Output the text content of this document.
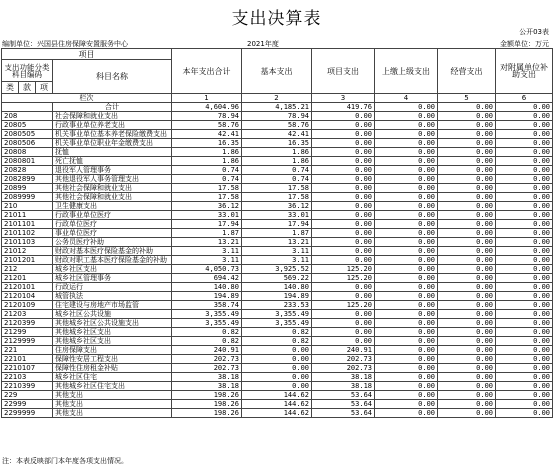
支出决算表
公开03表
编制单位：兴国县住房保障安置服务中心	2021年度	金额单位：万元
项目				本年支出合计	基本支出	项目支出	上缴上级支出	经营支出	对附属单位补助支出
支出功能分类科目编码			科目名称						
类	款	项							
栏次				1	2	3	4	5	6
			合计	4,604.96	4,185.21	419.76	0.00	0.00	0.00
208			社会保障和就业支出	78.94	78.94	0.00	0.00	0.00	0.00
20805			行政事业单位养老支出	58.76	58.76	0.00	0.00	0.00	0.00
2080505			机关事业单位基本养老保险缴费支出	42.41	42.41	0.00	0.00	0.00	0.00
2080506			机关事业单位职业年金缴费支出	16.35	16.35	0.00	0.00	0.00	0.00
20808			抚恤	1.86	1.86	0.00	0.00	0.00	0.00
2080801			死亡抚恤	1.86	1.86	0.00	0.00	0.00	0.00
20828			退役军人管理事务	0.74	0.74	0.00	0.00	0.00	0.00
2082899			其他退役军人事务管理支出	0.74	0.74	0.00	0.00	0.00	0.00
20899			其他社会保障和就业支出	17.58	17.58	0.00	0.00	0.00	0.00
2089999			其他社会保障和就业支出	17.58	17.58	0.00	0.00	0.00	0.00
210			卫生健康支出	36.12	36.12	0.00	0.00	0.00	0.00
21011			行政事业单位医疗	33.01	33.01	0.00	0.00	0.00	0.00
2101101			行政单位医疗	17.94	17.94	0.00	0.00	0.00	0.00
2101102			事业单位医疗	1.87	1.87	0.00	0.00	0.00	0.00
2101103			公务员医疗补助	13.21	13.21	0.00	0.00	0.00	0.00
21012			财政对基本医疗保险基金的补助	3.11	3.11	0.00	0.00	0.00	0.00
2101201			财政对职工基本医疗保险基金的补助	3.11	3.11	0.00	0.00	0.00	0.00
212			城乡社区支出	4,050.73	3,925.52	125.20	0.00	0.00	0.00
21201			城乡社区管理事务	694.42	569.22	125.20	0.00	0.00	0.00
2120101			行政运行	140.80	140.80	0.00	0.00	0.00	0.00
2120104			城管执法	194.89	194.89	0.00	0.00	0.00	0.00
2120109			住宅建设与房地产市场监管	358.74	233.53	125.20	0.00	0.00	0.00
21203			城乡社区公共设施	3,355.49	3,355.49	0.00	0.00	0.00	0.00
2120399			其他城乡社区公共设施支出	3,355.49	3,355.49	0.00	0.00	0.00	0.00
21299			其他城乡社区支出	0.82	0.82	0.00	0.00	0.00	0.00
2129999			其他城乡社区支出	0.82	0.82	0.00	0.00	0.00	0.00
221			住房保障支出	240.91	0.00	240.91	0.00	0.00	0.00
22101			保障性安居工程支出	202.73	0.00	202.73	0.00	0.00	0.00
2210107			保障性住房租金补贴	202.73	0.00	202.73	0.00	0.00	0.00
22103			城乡社区住宅	38.18	0.00	38.18	0.00	0.00	0.00
2210399			其他城乡社区住宅支出	38.18	0.00	38.18	0.00	0.00	0.00
229			其他支出	198.26	144.62	53.64	0.00	0.00	0.00
22999			其他支出	198.26	144.62	53.64	0.00	0.00	0.00
2299999			其他支出	198.26	144.62	53.64	0.00	0.00	0.00
注：本表反映部门本年度各项支出情况。
